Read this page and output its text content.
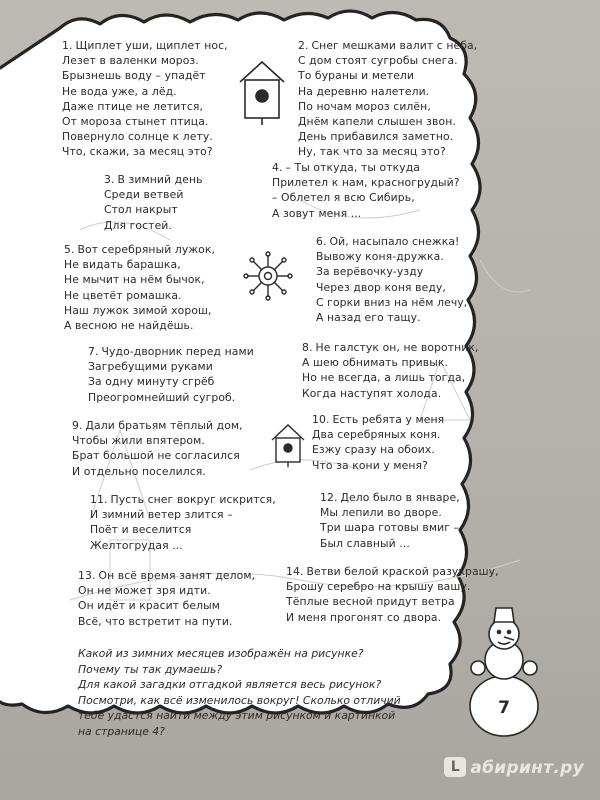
1. Щиплет уши, щиплет нос,
Лезет в валенки мороз.
Брызнешь воду – упадёт
Не вода уже, а лёд.
Даже птице не летится,
От мороза стынет птица.
Повернуло солнце к лету.
Что, скажи, за месяц это?
2. Снег мешками валит с неба,
С дом стоят сугробы снега.
То бураны и метели
На деревню налетели.
По ночам мороз силён,
Днём капели слышен звон.
День прибавился заметно.
Ну, так что за месяц это?
3. В зимний день
Среди ветвей
Стол накрыт
Для гостей.
4. – Ты откуда, ты откуда
Прилетел к нам, красногрудый?
– Облетел я всю Сибирь,
А зовут меня ...
5. Вот серебряный лужок,
Не видать барашка,
Не мычит на нём бычок,
Не цветёт ромашка.
Наш лужок зимой хорош,
А весною не найдёшь.
6. Ой, насыпало снежка!
Вывожу коня-дружка.
За верёвочку-узду
Через двор коня веду,
С горки вниз на нём лечу,
А назад его тащу.
7. Чудо-дворник перед нами
Загребущими руками
За одну минуту сгрёб
Преогромнейший сугроб.
8. Не галстук он, не воротник,
А шею обнимать привык.
Но не всегда, а лишь тогда,
Когда наступят холода.
9. Дали братьям тёплый дом,
Чтобы жили впятером.
Брат большой не согласился
И отдельно поселился.
10. Есть ребята у меня
Два серебряных коня.
Езжу сразу на обоих.
Что за кони у меня?
11. Пусть снег вокруг искрится,
И зимний ветер злится –
Поёт и веселится
Желтогрудая ...
12. Дело было в январе,
Мы лепили во дворе.
Три шара готовы вмиг –
Был славный ...
13. Он всё время занят делом,
Он не может зря идти.
Он идёт и красит белым
Всё, что встретит на пути.
14. Ветви белой краской разукрашу,
Брошу серебро на крышу вашу.
Тёплые весной придут ветра
И меня прогонят со двора.
Какой из зимних месяцев изображён на рисунке?
Почему ты так думаешь?
Для какой загадки отгадкой является весь рисунок?
Посмотри, как всё изменилось вокруг! Сколько отличий
тебе удастся найти между этим рисунком и картинкой
на странице 4?
7
L абиринт.ру
